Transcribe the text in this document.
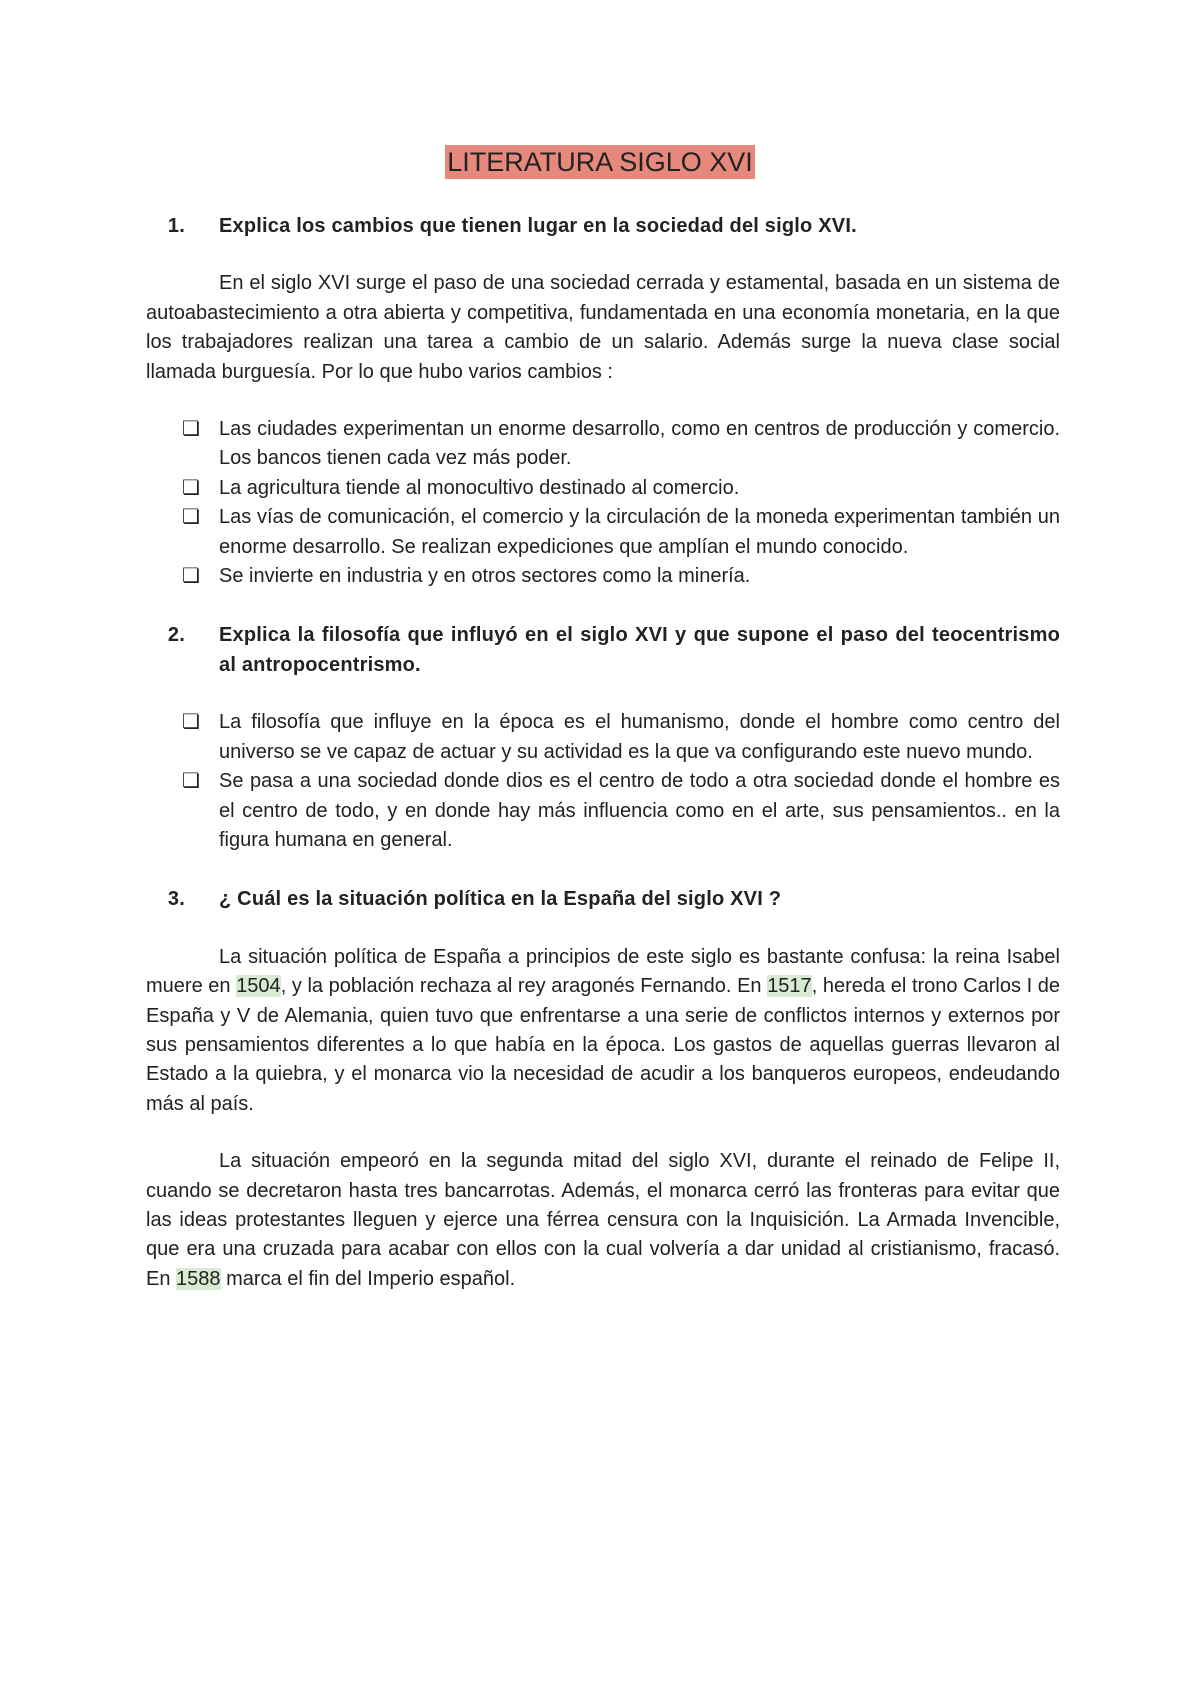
LITERATURA SIGLO XVI
1.	Explica los cambios que tienen lugar en la sociedad del siglo XVI.

En el siglo XVI surge el paso de una sociedad cerrada y estamental, basada en un sistema de autoabastecimiento a otra abierta y competitiva, fundamentada en una economía monetaria, en la que los trabajadores realizan una tarea a cambio de un salario. Además surge la nueva clase social llamada burguesía. Por lo que hubo varios cambios :

❏ Las ciudades experimentan un enorme desarrollo, como en centros de producción y comercio. Los bancos tienen cada vez más poder.
❏ La agricultura tiende al monocultivo destinado al comercio.
❏ Las vías de comunicación, el comercio y la circulación de la moneda experimentan también un enorme desarrollo. Se realizan expediciones que amplían el mundo conocido.
❏ Se invierte en industria y en otros sectores como la minería.
2.	Explica la filosofía que influyó en el siglo XVI y que supone el paso del teocentrismo al antropocentrismo.
❏ La filosofía que influye en la época es el humanismo, donde el hombre como centro del universo se ve capaz de actuar y su actividad es la que va configurando este nuevo mundo.
❏ Se pasa a una sociedad donde dios es el centro de todo a otra sociedad donde el hombre es el centro de todo, y en donde hay más influencia como en el arte, sus pensamientos.. en la figura humana en general.
3.	¿ Cuál es la situación política en la España del siglo XVI ?

La situación política de España a principios de este siglo es bastante confusa: la reina Isabel muere en 1504, y la población rechaza al rey aragonés Fernando. En 1517, hereda el trono Carlos I de España y V de Alemania, quien tuvo que enfrentarse a una serie de conflictos internos y externos por sus pensamientos diferentes a lo que había en la época. Los gastos de aquellas guerras llevaron al Estado a la quiebra, y el monarca vio la necesidad de acudir a los banqueros europeos, endeudando más al país.

La situación empeoró en la segunda mitad del siglo XVI, durante el reinado de Felipe II, cuando se decretaron hasta tres bancarrotas. Además, el monarca cerró las fronteras para evitar que las ideas protestantes lleguen y ejerce una férrea censura con la Inquisición. La Armada Invencible, que era una cruzada para acabar con ellos con la cual volvería a dar unidad al cristianismo, fracasó. En 1588 marca el fin del Imperio español.
